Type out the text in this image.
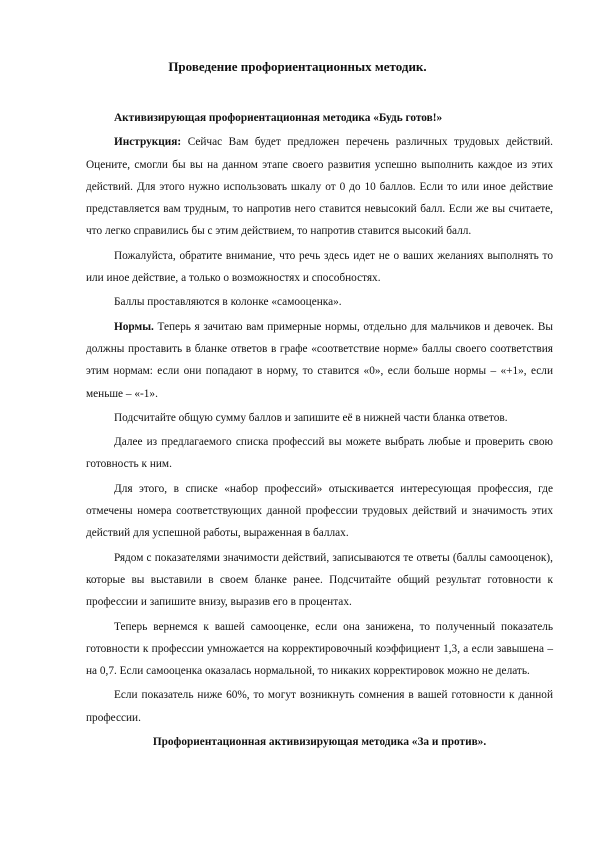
Проведение профориентационных методик.

Активизирующая профориентационная методика «Будь готов!»

Инструкция: Сейчас Вам будет предложен перечень различных трудовых действий. Оцените, смогли бы вы на данном этапе своего развития успешно выполнить каждое из этих действий. Для этого нужно использовать шкалу от 0 до 10 баллов. Если то или иное действие представляется вам трудным, то напротив него ставится невысокий балл. Если же вы считаете, что легко справились бы с этим действием, то напротив ставится высокий балл.

Пожалуйста, обратите внимание, что речь здесь идет не о ваших желаниях выполнять то или иное действие, а только о возможностях и способностях.

Баллы проставляются в колонке «самооценка».

Нормы. Теперь я зачитаю вам примерные нормы, отдельно для мальчиков и девочек. Вы должны проставить в бланке ответов в графе «соответствие норме» баллы своего соответствия этим нормам: если они попадают в норму, то ставится «0», если больше нормы – «+1», если меньше – «-1».

Подсчитайте общую сумму баллов и запишите её в нижней части бланка ответов.

Далее из предлагаемого списка профессий вы можете выбрать любые и проверить свою готовность к ним.

Для этого, в списке «набор профессий» отыскивается интересующая профессия, где отмечены номера соответствующих данной профессии трудовых действий и значимость этих действий для успешной работы, выраженная в баллах.

Рядом с показателями значимости действий, записываются те ответы (баллы самооценок), которые вы выставили в своем бланке ранее. Подсчитайте общий результат готовности к профессии и запишите внизу, выразив его в процентах.

Теперь вернемся к вашей самооценке, если она занижена, то полученный показатель готовности к профессии умножается на корректировочный коэффициент 1,3, а если завышена – на 0,7. Если самооценка оказалась нормальной, то никаких корректировок можно не делать.

Если показатель ниже 60%, то могут возникнуть сомнения в вашей готовности к данной профессии.

Профориентационная активизирующая методика «За и против».
